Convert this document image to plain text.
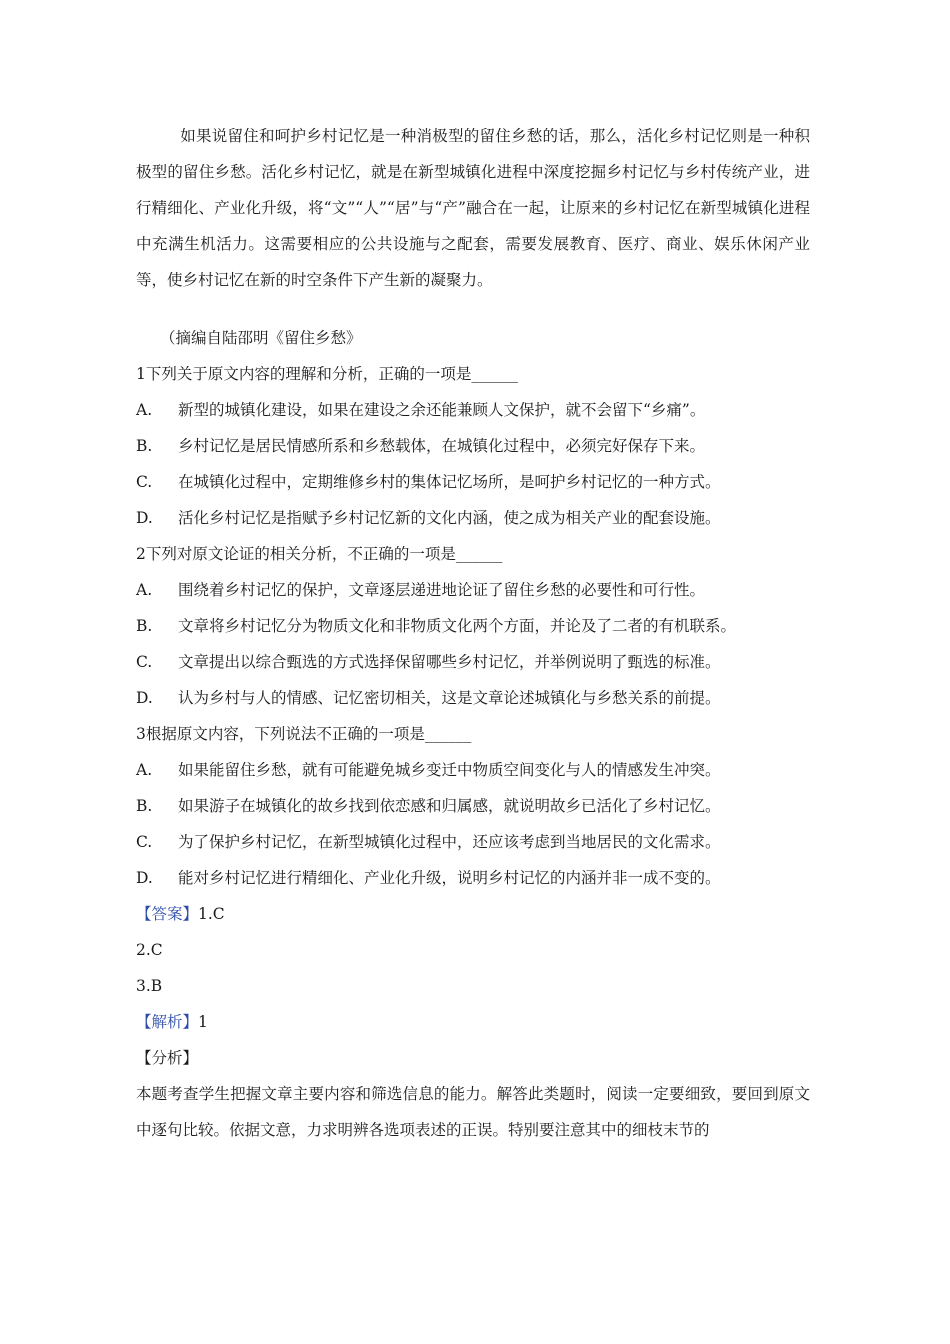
如果说留住和呵护乡村记忆是一种消极型的留住乡愁的话，那么，活化乡村记忆则是一种积极型的留住乡愁。活化乡村记忆，就是在新型城镇化进程中深度挖掘乡村记忆与乡村传统产业，进行精细化、产业化升级，将“文”“人”“居”与“产”融合在一起，让原来的乡村记忆在新型城镇化进程中充满生机活力。这需要相应的公共设施与之配套，需要发展教育、医疗、商业、娱乐休闲产业等，使乡村记忆在新的时空条件下产生新的凝聚力。

（摘编自陆邵明《留住乡愁》
1下列关于原文内容的理解和分析，正确的一项是______
A. 新型的城镇化建设，如果在建设之余还能兼顾人文保护，就不会留下“乡痛”。
B. 乡村记忆是居民情感所系和乡愁载体，在城镇化过程中，必须完好保存下来。
C. 在城镇化过程中，定期维修乡村的集体记忆场所，是呵护乡村记忆的一种方式。
D. 活化乡村记忆是指赋予乡村记忆新的文化内涵，使之成为相关产业的配套设施。
2下列对原文论证的相关分析，不正确的一项是______
A. 围绕着乡村记忆的保护，文章逐层递进地论证了留住乡愁的必要性和可行性。
B. 文章将乡村记忆分为物质文化和非物质文化两个方面，并论及了二者的有机联系。
C. 文章提出以综合甄选的方式选择保留哪些乡村记忆，并举例说明了甄选的标准。
D. 认为乡村与人的情感、记忆密切相关，这是文章论述城镇化与乡愁关系的前提。
3根据原文内容，下列说法不正确的一项是______
A. 如果能留住乡愁，就有可能避免城乡变迁中物质空间变化与人的情感发生冲突。
B. 如果游子在城镇化的故乡找到依恋感和归属感，就说明故乡已活化了乡村记忆。
C. 为了保护乡村记忆，在新型城镇化过程中，还应该考虑到当地居民的文化需求。
D. 能对乡村记忆进行精细化、产业化升级，说明乡村记忆的内涵并非一成不变的。
【答案】1.C
2.C
3.B
【解析】1
【分析】

本题考查学生把握文章主要内容和筛选信息的能力。解答此类题时，阅读一定要细致，要回到原文中逐句比较。依据文意，力求明辨各选项表述的正误。特别要注意其中的细枝末节的
